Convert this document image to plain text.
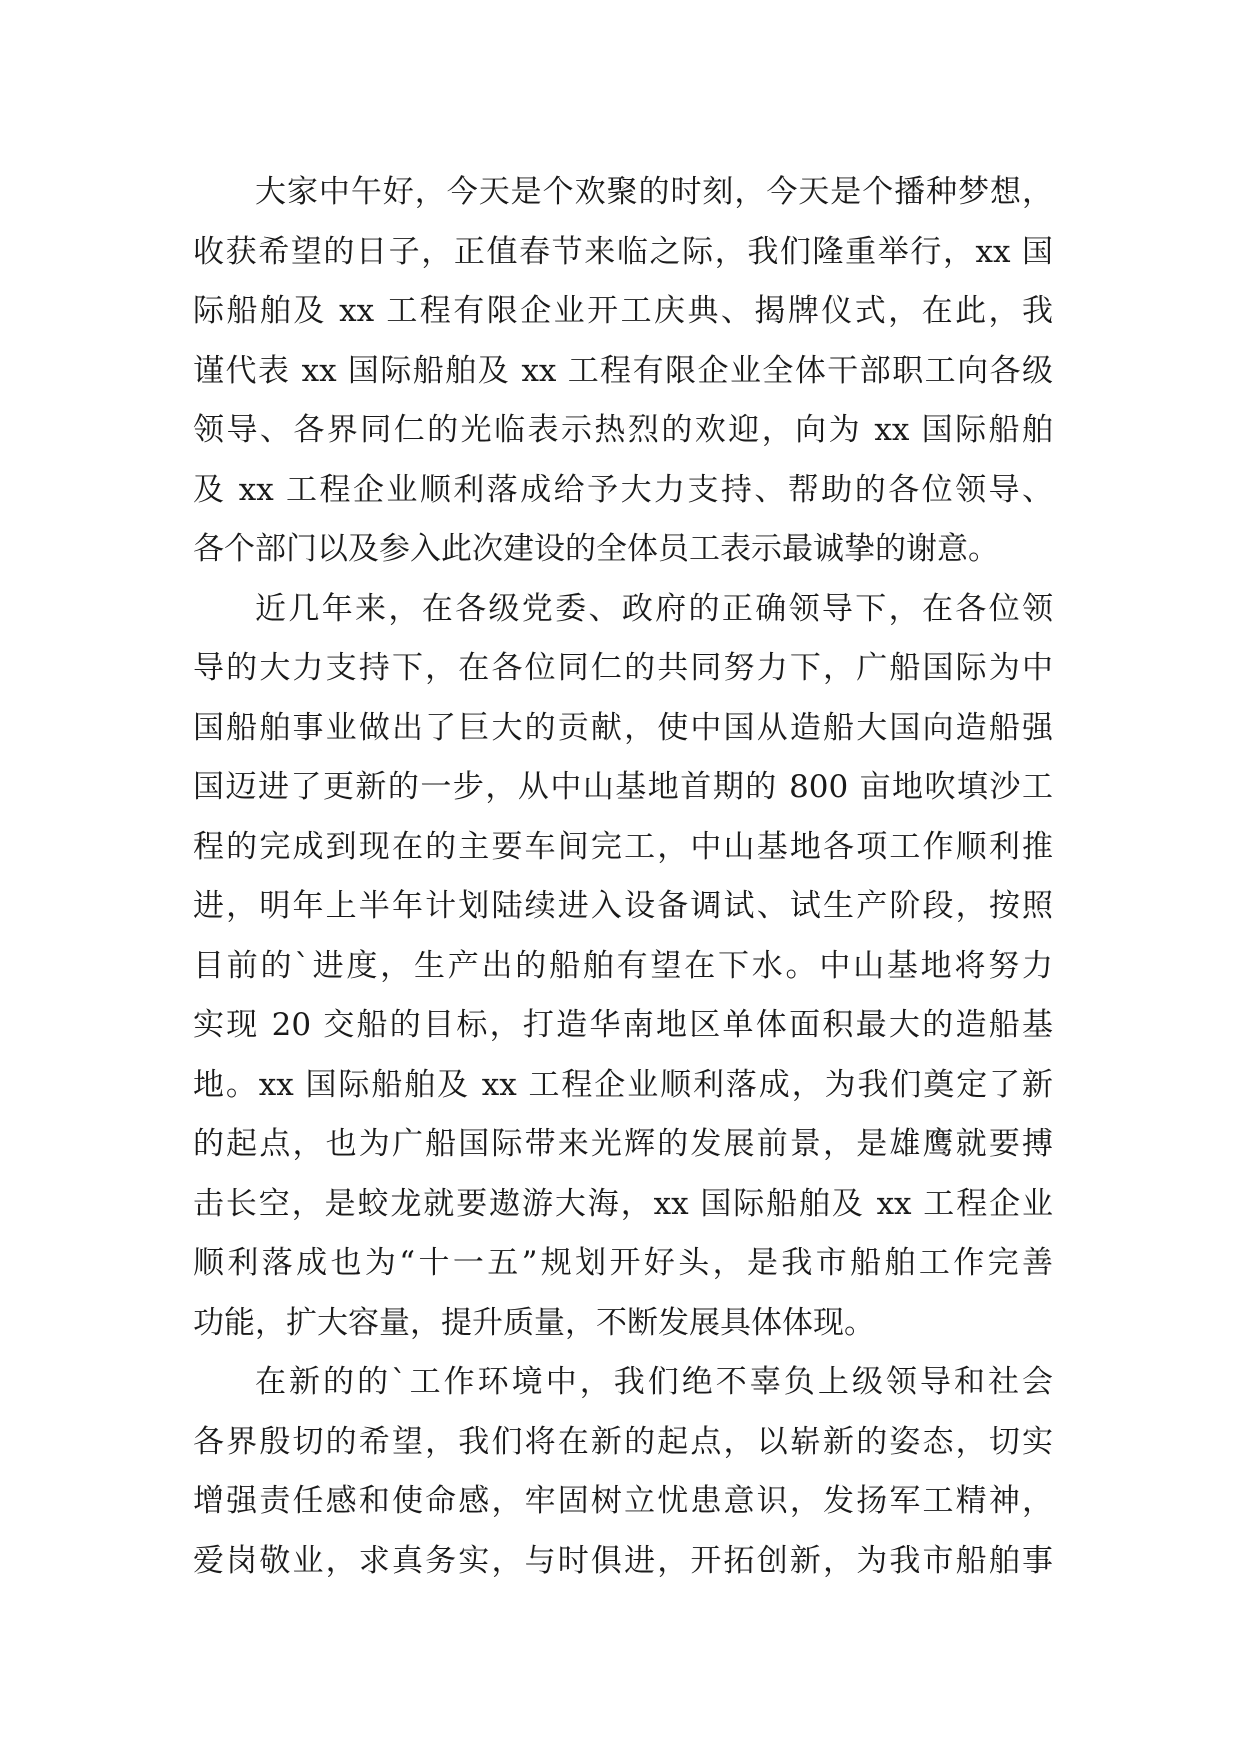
大家中午好，今天是个欢聚的时刻，今天是个播种梦想，
收获希望的日子，正值春节来临之际，我们隆重举行，xx 国
际船舶及 xx 工程有限企业开工庆典、揭牌仪式，在此，我
谨代表 xx 国际船舶及 xx 工程有限企业全体干部职工向各级
领导、各界同仁的光临表示热烈的欢迎，向为 xx 国际船舶
及 xx 工程企业顺利落成给予大力支持、帮助的各位领导、
各个部门以及参入此次建设的全体员工表示最诚挚的谢意。
近几年来，在各级党委、政府的正确领导下，在各位领
导的大力支持下，在各位同仁的共同努力下，广船国际为中
国船舶事业做出了巨大的贡献，使中国从造船大国向造船强
国迈进了更新的一步，从中山基地首期的 800 亩地吹填沙工
程的完成到现在的主要车间完工，中山基地各项工作顺利推
进，明年上半年计划陆续进入设备调试、试生产阶段，按照
目前的`进度，生产出的船舶有望在下水。中山基地将努力
实现 20 交船的目标，打造华南地区单体面积最大的造船基
地。xx 国际船舶及 xx 工程企业顺利落成，为我们奠定了新
的起点，也为广船国际带来光辉的发展前景，是雄鹰就要搏
击长空，是蛟龙就要遨游大海，xx 国际船舶及 xx 工程企业
顺利落成也为“十一五”规划开好头，是我市船舶工作完善
功能，扩大容量，提升质量，不断发展具体体现。
在新的的`工作环境中，我们绝不辜负上级领导和社会
各界殷切的希望，我们将在新的起点，以崭新的姿态，切实
增强责任感和使命感，牢固树立忧患意识，发扬军工精神，
爱岗敬业，求真务实，与时俱进，开拓创新，为我市船舶事
